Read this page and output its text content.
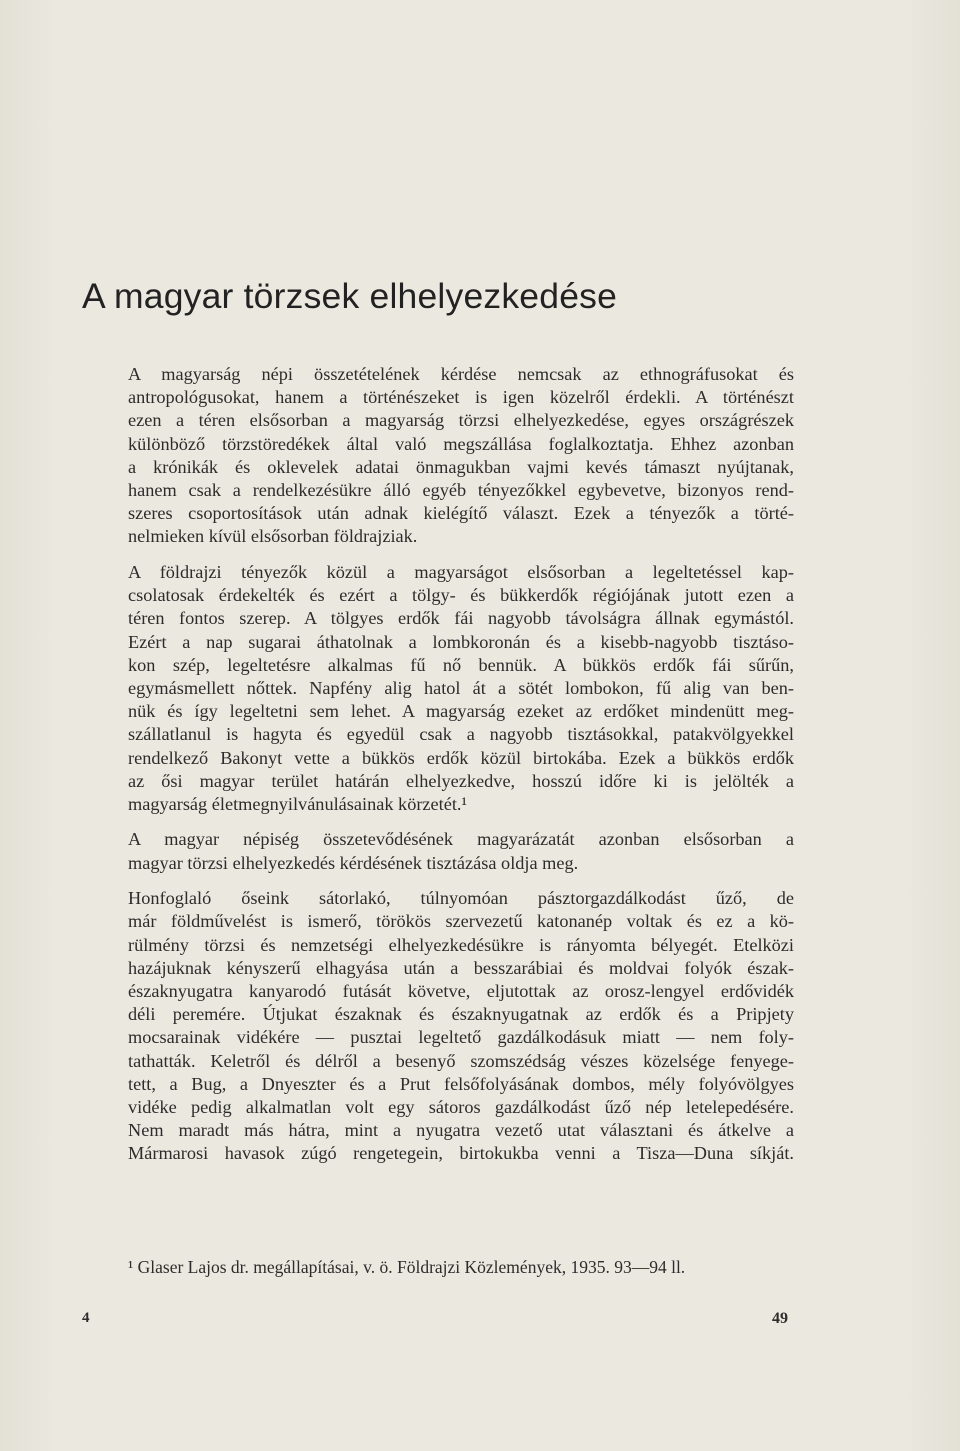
A magyar törzsek elhelyezkedése

A magyarság népi összetételének kérdése nemcsak az ethnográfusokat és
antropológusokat, hanem a történészeket is igen közelről érdekli. A történészt
ezen a téren elsősorban a magyarság törzsi elhelyezkedése, egyes országrészek
különböző törzstöredékek által való megszállása foglalkoztatja. Ehhez azonban
a krónikák és oklevelek adatai önmagukban vajmi kevés támaszt nyújtanak,
hanem csak a rendelkezésükre álló egyéb tényezőkkel egybevetve, bizonyos rend-
szeres csoportosítások után adnak kielégítő választ. Ezek a tényezők a törté-
nelmieken kívül elsősorban földrajziak.

A földrajzi tényezők közül a magyarságot elsősorban a legeltetéssel kap-
csolatosak érdekelték és ezért a tölgy- és bükkerdők régiójának jutott ezen a
téren fontos szerep. A tölgyes erdők fái nagyobb távolságra állnak egymástól.
Ezért a nap sugarai áthatolnak a lombkoronán és a kisebb-nagyobb tisztáso-
kon szép, legeltetésre alkalmas fű nő bennük. A bükkös erdők fái sűrűn,
egymásmellett nőttek. Napfény alig hatol át a sötét lombokon, fű alig van ben-
nük és így legeltetni sem lehet. A magyarság ezeket az erdőket mindenütt meg-
szállatlanul is hagyta és egyedül csak a nagyobb tisztásokkal, patakvölgyekkel
rendelkező Bakonyt vette a bükkös erdők közül birtokába. Ezek a bükkös erdők
az ősi magyar terület határán elhelyezkedve, hosszú időre ki is jelölték a
magyarság életmegnyilvánulásainak körzetét.¹

A magyar népiség összetevődésének magyarázatát azonban elsősorban a
magyar törzsi elhelyezkedés kérdésének tisztázása oldja meg.

Honfoglaló őseink sátorlakó, túlnyomóan pásztorgazdálkodást űző, de
már földművelést is ismerő, törökös szervezetű katonanép voltak és ez a kö-
rülmény törzsi és nemzetségi elhelyezkedésükre is rányomta bélyegét. Etelközi
hazájuknak kényszerű elhagyása után a besszarábiai és moldvai folyók észak-
északnyugatra kanyarodó futását követve, eljutottak az orosz-lengyel erdővidék
déli peremére. Útjukat északnak és északnyugatnak az erdők és a Pripjety
mocsarainak vidékére — pusztai legeltető gazdálkodásuk miatt — nem foly-
tathatták. Keletről és délről a besenyő szomszédság vészes közelsége fenyege-
tett, a Bug, a Dnyeszter és a Prut felsőfolyásának dombos, mély folyóvölgyes
vidéke pedig alkalmatlan volt egy sátoros gazdálkodást űző nép letelepedésére.
Nem maradt más hátra, mint a nyugatra vezető utat választani és átkelve a
Mármarosi havasok zúgó rengetegein, birtokukba venni a Tisza—Duna síkját.

¹ Glaser Lajos dr. megállapításai, v. ö. Földrajzi Közlemények, 1935. 93—94 ll.

4	49
